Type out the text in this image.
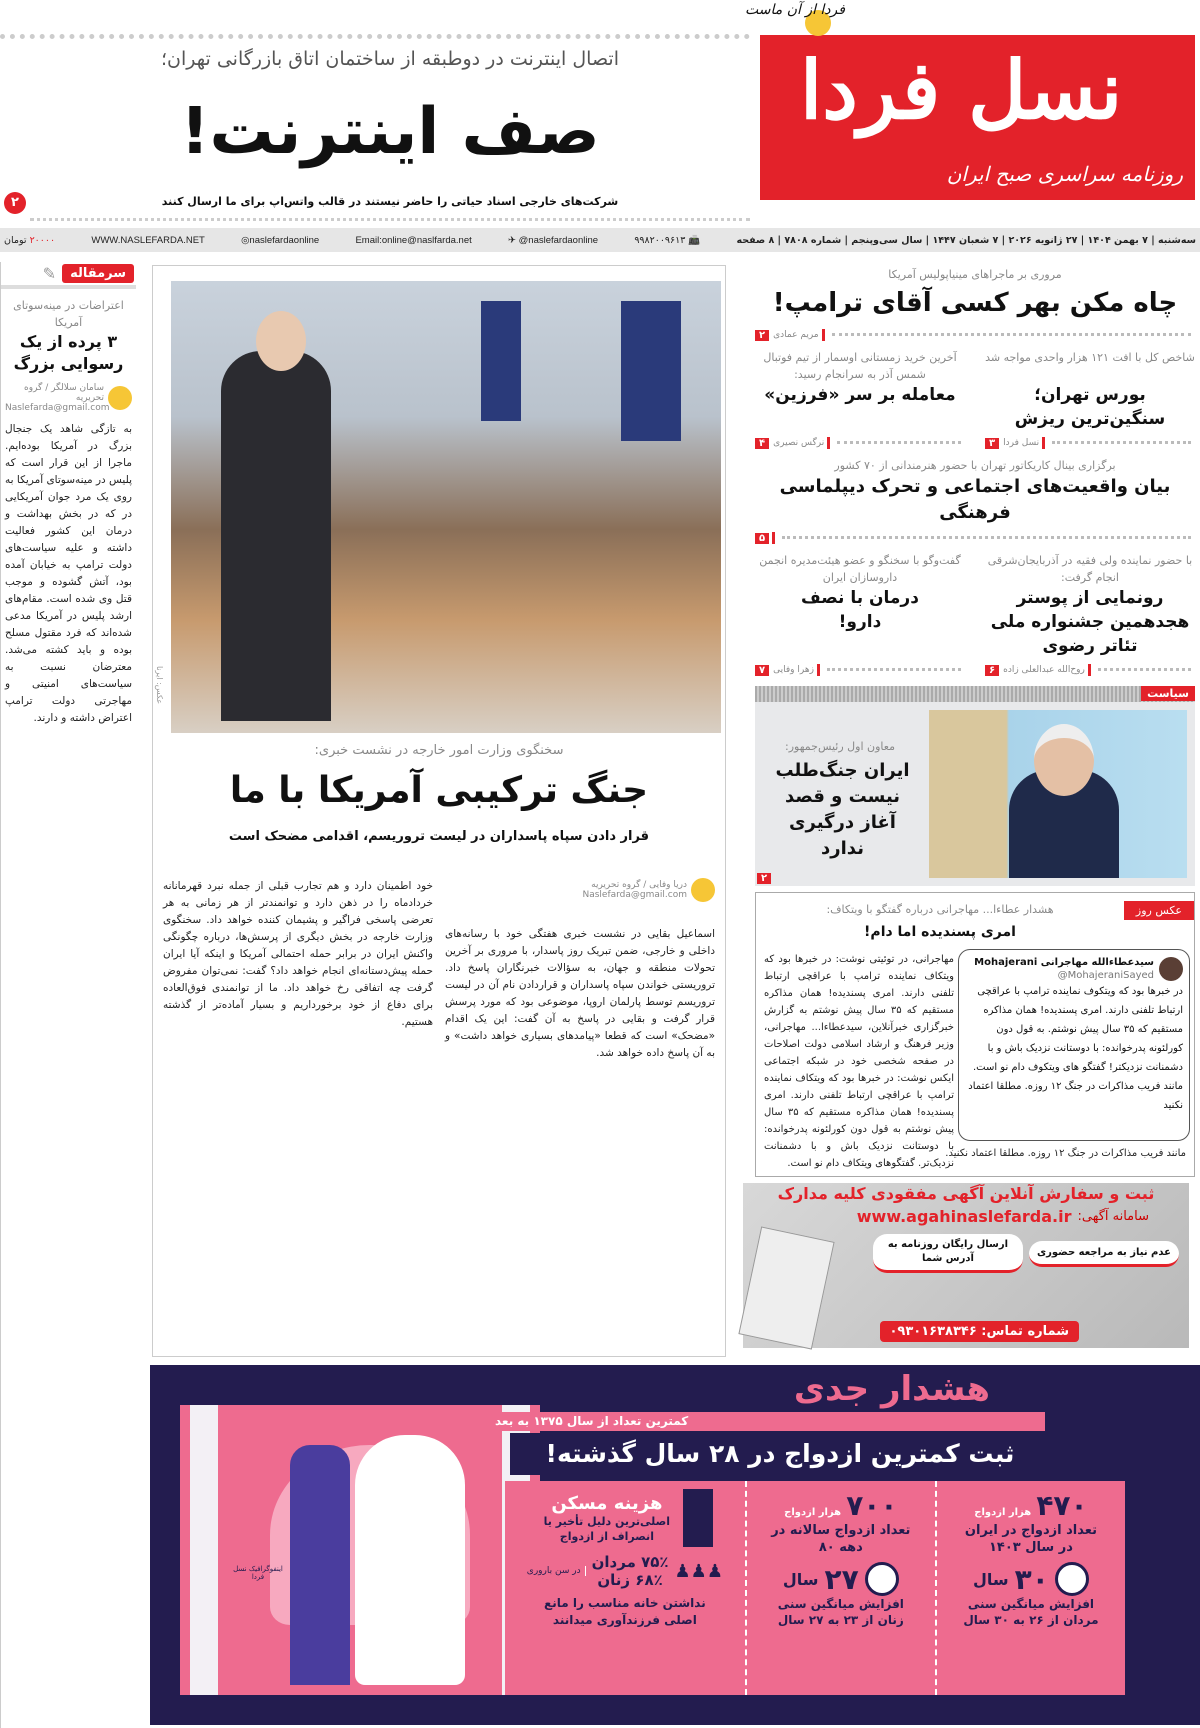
نسل فردا
روزنامه سراسری صبح ایران
فردا از آن ماست
اتصال اینترنت در دوطبقه از ساختمان اتاق بازرگانی تهران؛
صف اینترنت!
شرکت‌های خارجی اسناد حیاتی را حاضر نیستند در قالب واتس‌اپ برای ما ارسال کنند
۲
سه‌شنبه | ۷ بهمن ۱۴۰۴ | ۲۷ ژانویه ۲۰۲۶ | ۷ شعبان ۱۴۴۷ | سال سی‌وپنجم | شماره ۷۸۰۸ | ۸ صفحه
📠 ۹۹۸۲۰۰۹۶۱۳
✈ @naslefardaonline
Email:online@naslfarda.net
◎naslefardaonline
WWW.NASLEFARDA.NET
۲۰۰۰۰ تومان
سرمقاله
✎
اعتراضات در مینه‌سوتای آمریکا
۳ پرده از یک رسوایی بزرگ
سامان سلالگر / گروه تحریریه
Naslefarda@gmail.com
به تازگی شاهد یک جنجال بزرگ در آمریکا بوده‌ایم. ماجرا از این قرار است که پلیس در مینه‌سوتای آمریکا به روی یک مرد جوان آمریکایی در که در بخش بهداشت و درمان این کشور فعالیت داشته و علیه سیاست‌های دولت ترامپ به خیابان آمده بود، آتش گشوده و موجب قتل وی شده است. مقام‌های ارشد پلیس در آمریکا مدعی شده‌اند که فرد مقتول مسلح بوده و باید کشته می‌شد. معترضان نسبت به سیاست‌های امنیتی و مهاجرتی دولت ترامپ اعتراض داشته و دارند.
عکس: ایرنا
سخنگوی وزارت امور خارجه در نشست خبری:
جنگ ترکیبی آمریکا با ما
قرار دادن سپاه پاسداران در لیست تروریسم، اقدامی مضحک است
دریا وفایی / گروه تحریریه
Naslefarda@gmail.com
اسماعیل بقایی در نشست خبری هفتگی خود با رسانه‌های داخلی و خارجی، ضمن تبریک روز پاسدار، با مروری بر آخرین تحولات منطقه و جهان، به سؤالات خبرنگاران پاسخ داد. تروریستی خواندن سپاه پاسداران و قراردادن نام آن در لیست تروریسم توسط پارلمان اروپا، موضوعی بود که مورد پرسش قرار گرفت و بقایی در پاسخ به آن گفت: این یک اقدام «مضحک» است که قطعا «پیامدهای بسیاری خواهد داشت» و به آن پاسخ داده خواهد شد.
خود اطمینان دارد و هم تجارب قبلی از جمله نبرد قهرمانانه خردادماه را در ذهن دارد و توانمندتر از هر زمانی به هر تعرضی پاسخی فراگیر و پشیمان کننده خواهد داد. سخنگوی وزارت خارجه در بخش دیگری از پرسش‌ها، درباره چگونگی واکنش ایران در برابر حمله احتمالی آمریکا و اینکه آیا ایران حمله پیش‌دستانه‌ای انجام خواهد داد؟ گفت: نمی‌توان مفروض گرفت چه اتفاقی رخ خواهد داد. ما از توانمندی فوق‌العاده برای دفاع از خود برخورداریم و بسیار آماده‌تر از گذشته هستیم.
مروری بر ماجراهای مینیاپولیس آمریکا
چاه مکن بهر کسی آقای ترامپ!
مریم عمادی
۲
شاخص کل با افت ۱۲۱ هزار واحدی مواجه شد
بورس تهران؛ سنگین‌ترین ریزش
نسل فردا
۳
آخرین خرید زمستانی اوسمار از تیم فوتبال شمس آذر به سرانجام رسید:
معامله بر سر «فرزین»
نرگس نصیری
۴
برگزاری بینال کاریکاتور تهران با حضور هنرمندانی از ۷۰ کشور
بیان واقعیت‌های اجتماعی و تحرک دیپلماسی فرهنگی
۵
با حضور نماینده ولی فقیه در آذربایجان‌شرقی انجام گرفت:
رونمایی از پوستر هجدهمین جشنواره ملی تئاتر رضوی
روح‌الله عبدالعلی زاده
۶
گفت‌وگو با سخنگو و عضو هیئت‌مدیره انجمن داروسازان ایران
درمان با نصف دارو!
زهرا وفایی
۷
سیاست
معاون اول رئیس‌جمهور:
ایران جنگ‌طلب نیست و قصد آغاز درگیری ندارد
۲
عکس روز
هشدار عطاءا... مهاجرانی درباره گفتگو با ویتکاف:
امری پسندیده اما دام!
سیدعطاءالله مهاجرانی Mohajerani
@MohajeraniSayed
در خبرها بود که ویتکوف نماینده ترامپ با عراقچی ارتباط تلفنی دارند. امری پسندیده! همان مذاکره مستقیم که ۳۵ سال پیش نوشتم. به قول دون کورلئونه پدرخوانده: با دوستانت نزدیک باش و با دشمنانت نزدیکتر! گفتگو های ویتکوف دام نو است. مانند فریب مذاکرات در جنگ ۱۲ روزه. مطلقا اعتماد نکنید
مهاجرانی، در توئیتی نوشت: در خبرها بود که ویتکاف نماینده ترامپ با عراقچی ارتباط تلفنی دارند. امری پسندیده! همان مذاکره مستقیم که ۳۵ سال پیش نوشتم به گزارش خبرگزاری خبرآنلاین، سیدعطاءا... مهاجرانی، وزیر فرهنگ و ارشاد اسلامی دولت اصلاحات در صفحه شخصی خود در شبکه اجتماعی ایکس نوشت: در خبرها بود که ویتکاف نماینده ترامپ با عراقچی ارتباط تلفنی دارند. امری پسندیده! همان مذاکره مستقیم که ۳۵ سال پیش نوشتم به قول دون کورلئونه پدرخوانده: با دوستانت نزدیک باش و با دشمنانت نزدیک‌تر. گفتگوهای ویتکاف دام نو است.
مانند فریب مذاکرات در جنگ ۱۲ روزه. مطلقا اعتماد نکنید.
ثبت و سفارش آنلاین آگهی مفقودی کلیه مدارک
سامانه آگهی:
www.agahinaslefarda.ir
عدم نیاز به مراجعه حضوری
ارسال رایگان روزنامه به آدرس شما
شماره تماس: ۰۹۳۰۱۶۳۸۳۴۶
اینفوگرافیک نسل فردا
هشدار جدی
کمترین تعداد از سال ۱۳۷۵ به بعد
ثبت کمترین ازدواج در ۲۸ سال گذشته!
۴۷۰ هزار ازدواج
تعداد ازدواج در ایران در سال ۱۴۰۳
۳۰
سال
افزایش میانگین سنی مردان از ۲۶ به ۳۰ سال
۷۰۰ هزار ازدواج
تعداد ازدواج سالانه در دهه ۸۰
۲۷
سال
افزایش میانگین سنی زنان از ۲۳ به ۲۷ سال
هزینه مسکن
اصلی‌ترین دلیل تأخیر یا انصراف از ازدواج
♟♟♟
۷۵٪ مردان
۶۸٪ زنان
در سن باروری
نداشتن خانه مناسب را مانع اصلی فرزندآوری میدانند
